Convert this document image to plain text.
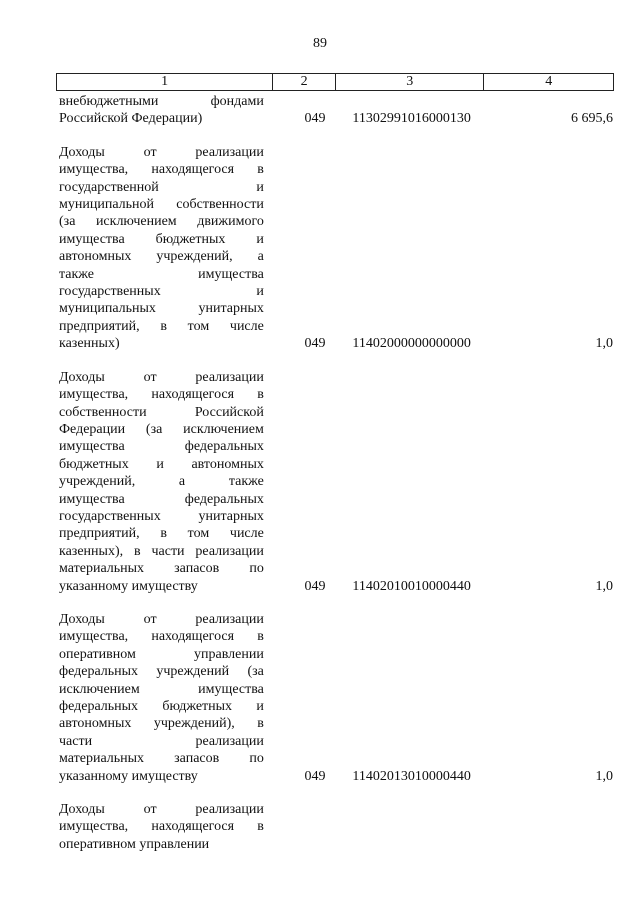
89
1	2	3	4
внебюджетными фондами
Российской Федерации)	049	11302991016000130	6 695,6
Доходы от реализации
имущества, находящегося в
государственной и
муниципальной собственности
(за исключением движимого
имущества бюджетных и
автономных учреждений, а
также имущества
государственных и
муниципальных унитарных
предприятий, в том числе
казенных)	049	11402000000000000	1,0
Доходы от реализации
имущества, находящегося в
собственности Российской
Федерации (за исключением
имущества федеральных
бюджетных и автономных
учреждений, а также
имущества федеральных
государственных унитарных
предприятий, в том числе
казенных), в части реализации
материальных запасов по
указанному имуществу	049	11402010010000440	1,0
Доходы от реализации
имущества, находящегося в
оперативном управлении
федеральных учреждений (за
исключением имущества
федеральных бюджетных и
автономных учреждений), в
части реализации
материальных запасов по
указанному имуществу	049	11402013010000440	1,0
Доходы от реализации
имущества, находящегося в
оперативном управлении
